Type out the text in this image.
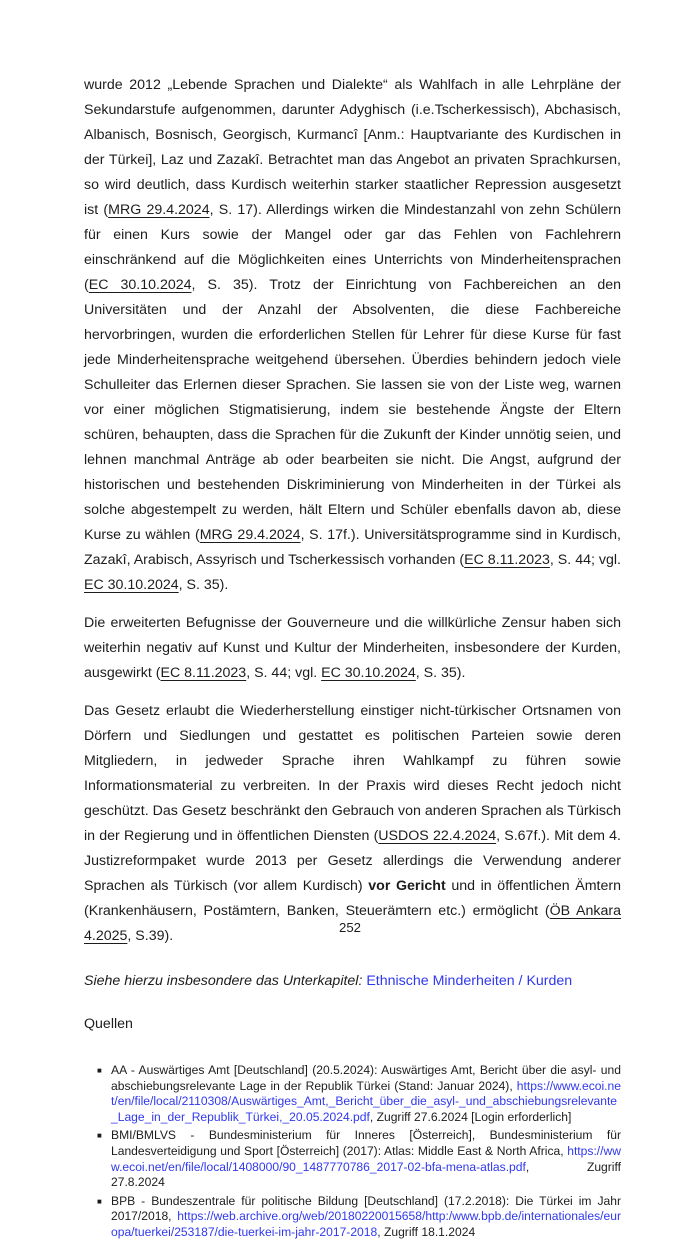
wurde 2012 „Lebende Sprachen und Dialekte“ als Wahlfach in alle Lehrpläne der Sekundarstufe aufgenommen, darunter Adyghisch (i.e.Tscherkessisch), Abchasisch, Albanisch, Bosnisch, Georgisch, Kurmancî [Anm.: Hauptvariante des Kurdischen in der Türkei], Laz und Zazakî. Betrachtet man das Angebot an privaten Sprachkursen, so wird deutlich, dass Kurdisch weiterhin starker staatlicher Repression ausgesetzt ist (MRG 29.4.2024, S. 17). Allerdings wirken die Mindestanzahl von zehn Schülern für einen Kurs sowie der Mangel oder gar das Fehlen von Fachlehrern einschränkend auf die Möglichkeiten eines Unterrichts von Minderheitensprachen (EC 30.10.2024, S. 35). Trotz der Einrichtung von Fachbereichen an den Universitäten und der Anzahl der Absolventen, die diese Fachbereiche hervorbringen, wurden die erforderlichen Stellen für Lehrer für diese Kurse für fast jede Minderheitensprache weitgehend übersehen. Überdies behindern jedoch viele Schulleiter das Erlernen dieser Sprachen. Sie lassen sie von der Liste weg, warnen vor einer möglichen Stigmatisierung, indem sie bestehende Ängste der Eltern schüren, behaupten, dass die Sprachen für die Zukunft der Kinder unnötig seien, und lehnen manchmal Anträge ab oder bearbeiten sie nicht. Die Angst, aufgrund der historischen und bestehenden Diskriminierung von Minderheiten in der Türkei als solche abgestempelt zu werden, hält Eltern und Schüler ebenfalls davon ab, diese Kurse zu wählen (MRG 29.4.2024, S. 17f.). Universitätsprogramme sind in Kurdisch, Zazakî, Arabisch, Assyrisch und Tscherkessisch vorhanden (EC 8.11.2023, S. 44; vgl. EC 30.10.2024, S. 35).

Die erweiterten Befugnisse der Gouverneure und die willkürliche Zensur haben sich weiterhin negativ auf Kunst und Kultur der Minderheiten, insbesondere der Kurden, ausgewirkt (EC 8.11.2023, S. 44; vgl. EC 30.10.2024, S. 35).

Das Gesetz erlaubt die Wiederherstellung einstiger nicht-türkischer Ortsnamen von Dörfern und Siedlungen und gestattet es politischen Parteien sowie deren Mitgliedern, in jedweder Sprache ihren Wahlkampf zu führen sowie Informationsmaterial zu verbreiten. In der Praxis wird dieses Recht jedoch nicht geschützt. Das Gesetz beschränkt den Gebrauch von anderen Sprachen als Türkisch in der Regierung und in öffentlichen Diensten (USDOS 22.4.2024, S.67f.). Mit dem 4. Justizreformpaket wurde 2013 per Gesetz allerdings die Verwendung anderer Sprachen als Türkisch (vor allem Kurdisch) vor Gericht und in öffentlichen Ämtern (Krankenhäusern, Postämtern, Banken, Steuerämtern etc.) ermöglicht (ÖB Ankara 4.2025, S.39).

Siehe hierzu insbesondere das Unterkapitel: Ethnische Minderheiten / Kurden

Quellen

■ AA - Auswärtiges Amt [Deutschland] (20.5.2024): Auswärtiges Amt, Bericht über die asyl- und abschiebungsrelevante Lage in der Republik Türkei (Stand: Januar 2024), https://www.ecoi.net/en/file/local/2110308/Auswärtiges_Amt,_Bericht_über_die_asyl-_und_abschiebungsrelevante_Lage_in_der_Republik_Türkei,_20.05.2024.pdf, Zugriff 27.6.2024 [Login erforderlich]
■ BMI/BMLVS - Bundesministerium für Inneres [Österreich], Bundesministerium für Landesverteidigung und Sport [Österreich] (2017): Atlas: Middle East & North Africa, https://www.ecoi.net/en/file/local/1408000/90_1487770786_2017-02-bfa-mena-atlas.pdf, Zugriff 27.8.2024
■ BPB - Bundeszentrale für politische Bildung [Deutschland] (17.2.2018): Die Türkei im Jahr 2017/2018, https://web.archive.org/web/20180220015658/http:/www.bpb.de/internationales/europa/tuerkei/253187/die-tuerkei-im-jahr-2017-2018, Zugriff 18.1.2024
252
